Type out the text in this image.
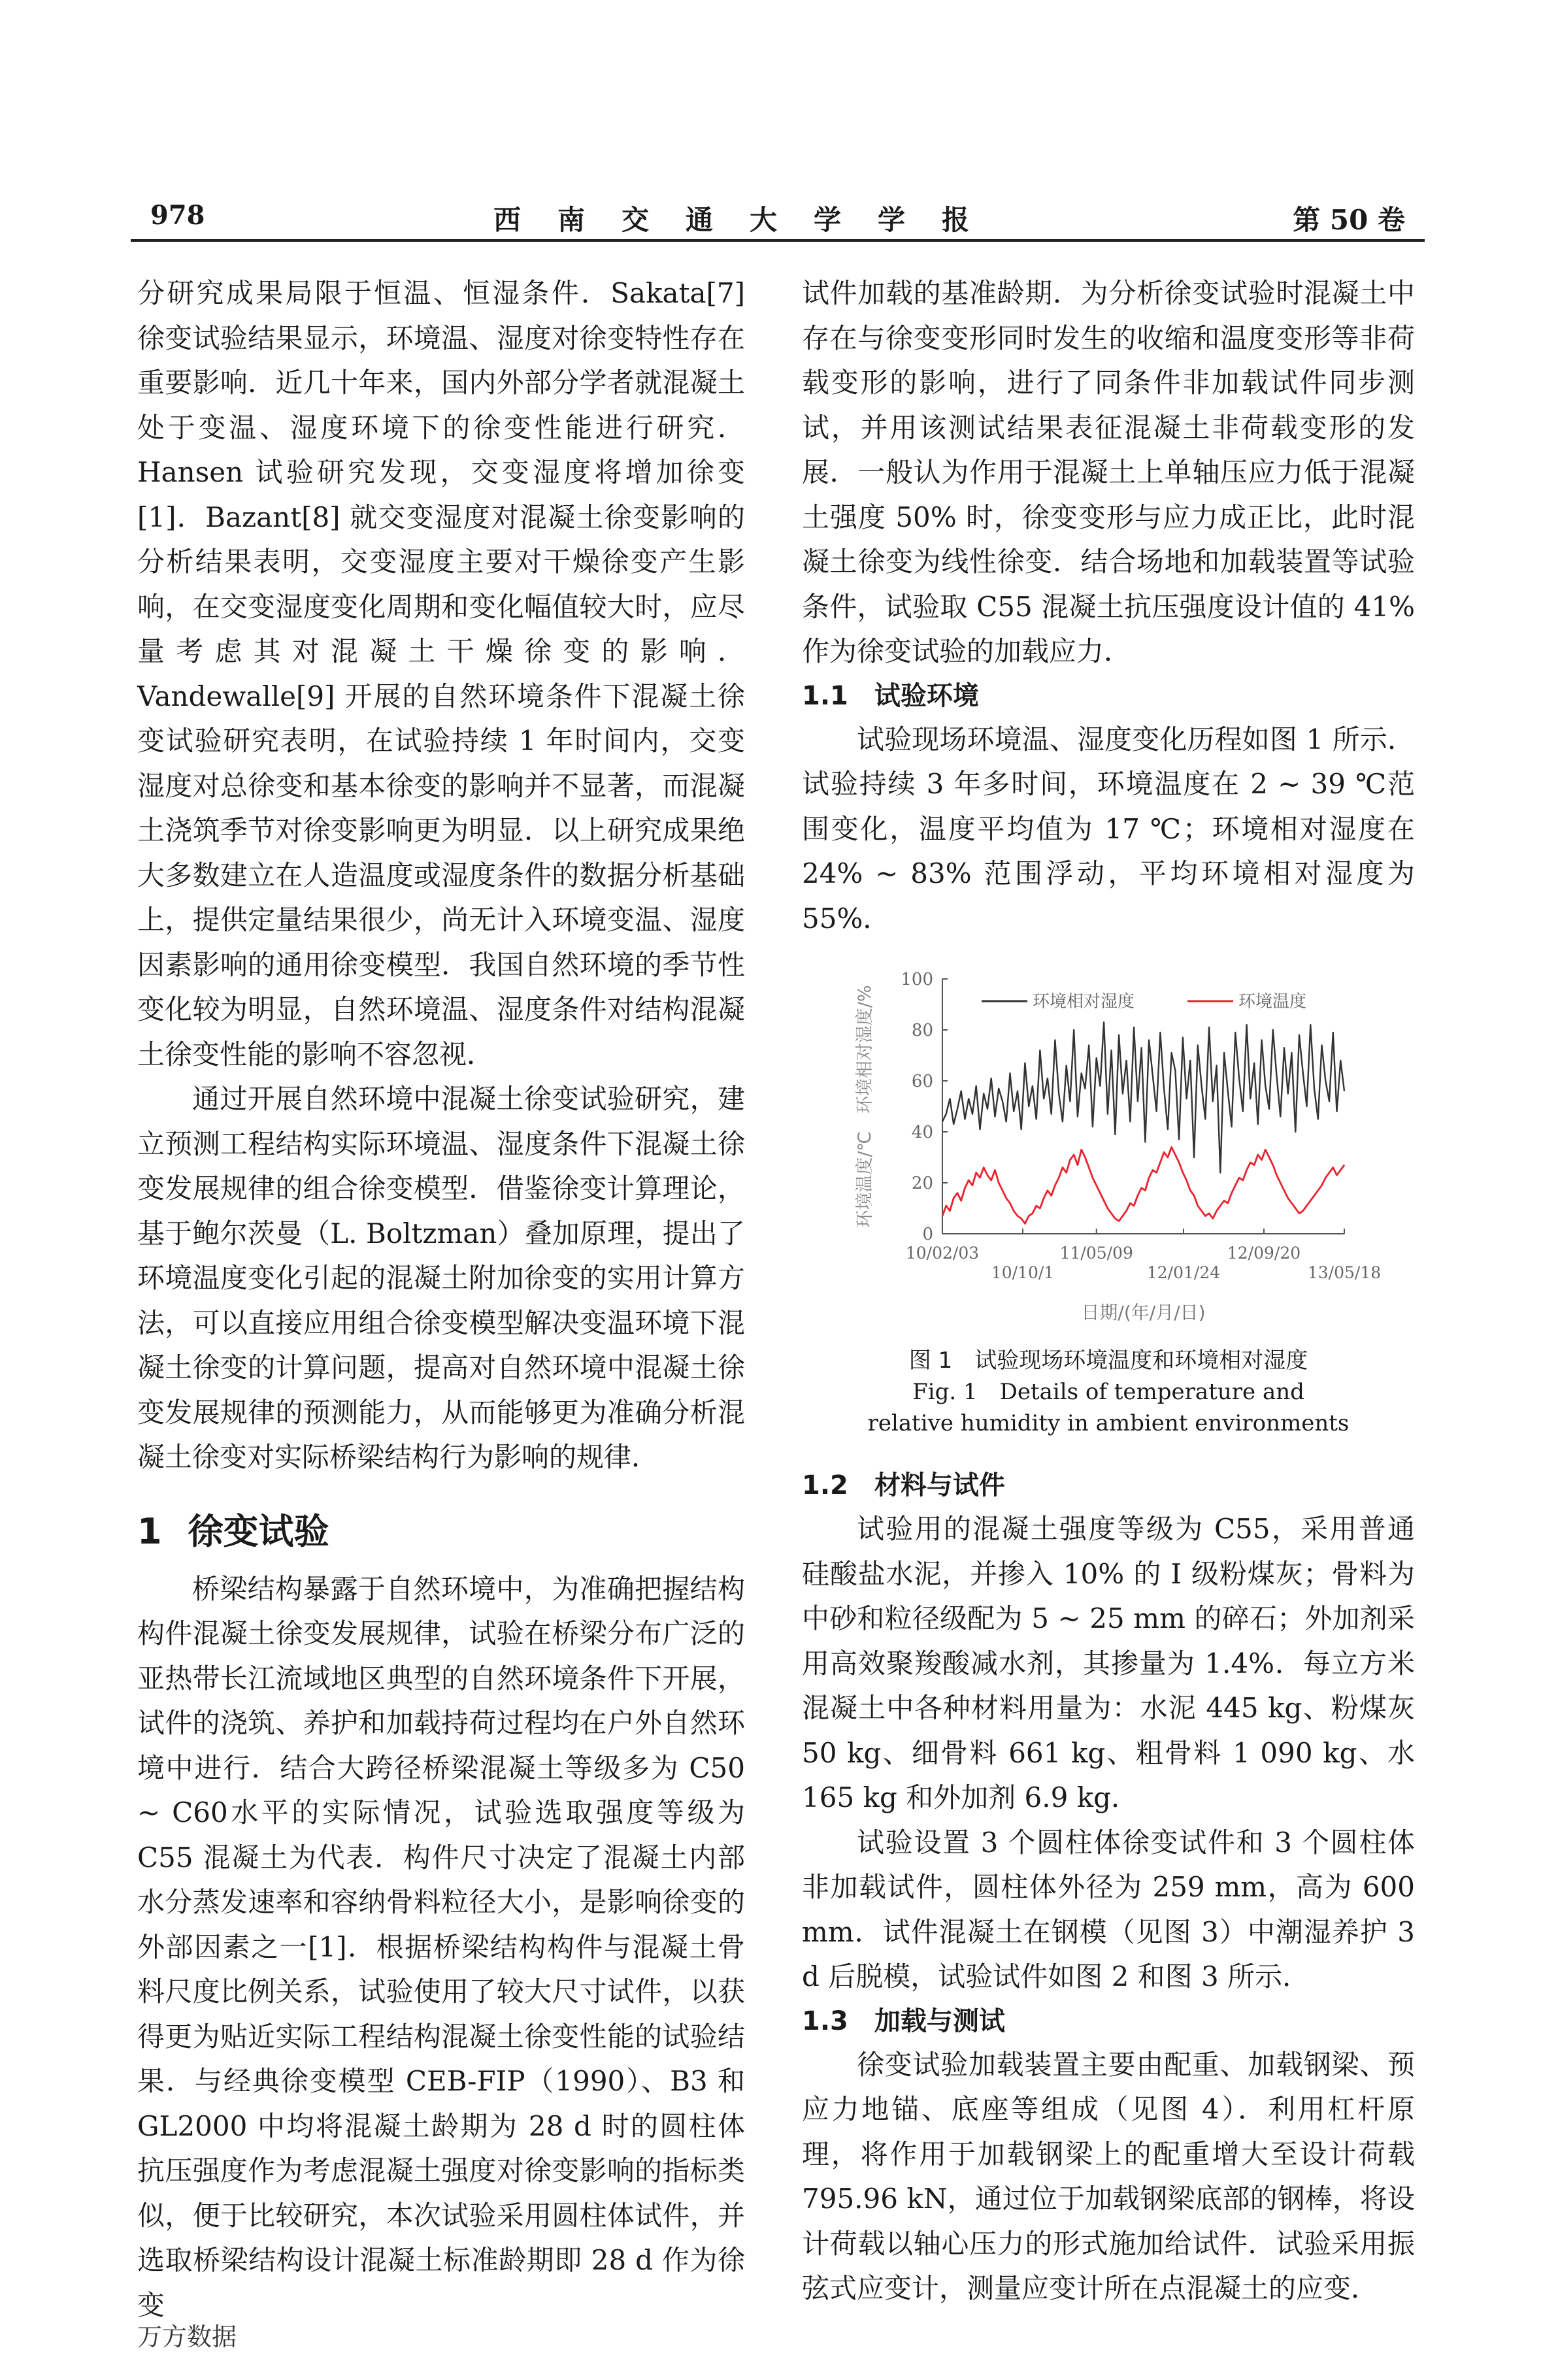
978	西南交通大学学报	第 50 卷

分研究成果局限于恒温、恒湿条件．Sakata[7] 徐变试验结果显示，环境温、湿度对徐变特性存在重要影响．近几十年来，国内外部分学者就混凝土处于变温、湿度环境下的徐变性能进行研究．Hansen 试验研究发现，交变湿度将增加徐变[1]．Bazant[8] 就交变湿度对混凝土徐变影响的分析结果表明，交变湿度主要对干燥徐变产生影响，在交变湿度变化周期和变化幅值较大时，应尽量考虑其对混凝土干燥徐变的影响．Vandewalle[9] 开展的自然环境条件下混凝土徐变试验研究表明，在试验持续 1 年时间内，交变湿度对总徐变和基本徐变的影响并不显著，而混凝土浇筑季节对徐变影响更为明显．以上研究成果绝大多数建立在人造温度或湿度条件的数据分析基础上，提供定量结果很少，尚无计入环境变温、湿度因素影响的通用徐变模型．我国自然环境的季节性变化较为明显，自然环境温、湿度条件对结构混凝土徐变性能的影响不容忽视．

通过开展自然环境中混凝土徐变试验研究，建立预测工程结构实际环境温、湿度条件下混凝土徐变发展规律的组合徐变模型．借鉴徐变计算理论，基于鲍尔茨曼（L. Boltzman）叠加原理，提出了环境温度变化引起的混凝土附加徐变的实用计算方法，可以直接应用组合徐变模型解决变温环境下混凝土徐变的计算问题，提高对自然环境中混凝土徐变发展规律的预测能力，从而能够更为准确分析混凝土徐变对实际桥梁结构行为影响的规律．

1 徐变试验

桥梁结构暴露于自然环境中，为准确把握结构构件混凝土徐变发展规律，试验在桥梁分布广泛的亚热带长江流域地区典型的自然环境条件下开展，试件的浇筑、养护和加载持荷过程均在户外自然环境中进行．结合大跨径桥梁混凝土等级多为 C50 ~ C60水平的实际情况，试验选取强度等级为 C55 混凝土为代表．构件尺寸决定了混凝土内部水分蒸发速率和容纳骨料粒径大小，是影响徐变的外部因素之一[1]．根据桥梁结构构件与混凝土骨料尺度比例关系，试验使用了较大尺寸试件，以获得更为贴近实际工程结构混凝土徐变性能的试验结果．与经典徐变模型 CEB-FIP（1990）、B3 和 GL2000 中均将混凝土龄期为 28 d 时的圆柱体抗压强度作为考虑混凝土强度对徐变影响的指标类似，便于比较研究，本次试验采用圆柱体试件，并选取桥梁结构设计混凝土标准龄期即 28 d 作为徐变

试件加载的基准龄期．为分析徐变试验时混凝土中存在与徐变变形同时发生的收缩和温度变形等非荷载变形的影响，进行了同条件非加载试件同步测试，并用该测试结果表征混凝土非荷载变形的发展．一般认为作用于混凝土上单轴压应力低于混凝土强度 50% 时，徐变变形与应力成正比，此时混凝土徐变为线性徐变．结合场地和加载装置等试验条件，试验取 C55 混凝土抗压强度设计值的 41% 作为徐变试验的加载应力．

1.1 试验环境

试验现场环境温、湿度变化历程如图 1 所示．试验持续 3 年多时间，环境温度在 2 ~ 39 ℃范围变化，温度平均值为 17 ℃；环境相对湿度在 24% ~ 83% 范围浮动，平均环境相对湿度为 55%．

环境相对湿度	环境温度
0
20
40
60
80
100
10/02/03	11/05/09	12/09/20
10/10/1	12/01/24	13/05/18
日期/(年/月/日)
环境温度/℃　环境相对湿度/%

图 1　试验现场环境温度和环境相对湿度

Fig. 1　Details of temperature and

relative humidity in ambient environments

1.2 材料与试件

试验用的混凝土强度等级为 C55，采用普通硅酸盐水泥，并掺入 10% 的 Ⅰ 级粉煤灰；骨料为中砂和粒径级配为 5 ~ 25 mm 的碎石；外加剂采用高效聚羧酸减水剂，其掺量为 1.4%．每立方米混凝土中各种材料用量为：水泥 445 kg、粉煤灰 50 kg、细骨料 661 kg、粗骨料 1 090 kg、水 165 kg 和外加剂 6.9 kg．

试验设置 3 个圆柱体徐变试件和 3 个圆柱体非加载试件，圆柱体外径为 259 mm，高为 600 mm．试件混凝土在钢模（见图 3）中潮湿养护 3 d 后脱模，试验试件如图 2 和图 3 所示．

1.3 加载与测试

徐变试验加载装置主要由配重、加载钢梁、预应力地锚、底座等组成（见图 4）．利用杠杆原理，将作用于加载钢梁上的配重增大至设计荷载 795.96 kN，通过位于加载钢梁底部的钢棒，将设计荷载以轴心压力的形式施加给试件．试验采用振弦式应变计，测量应变计所在点混凝土的应变．

万方数据
